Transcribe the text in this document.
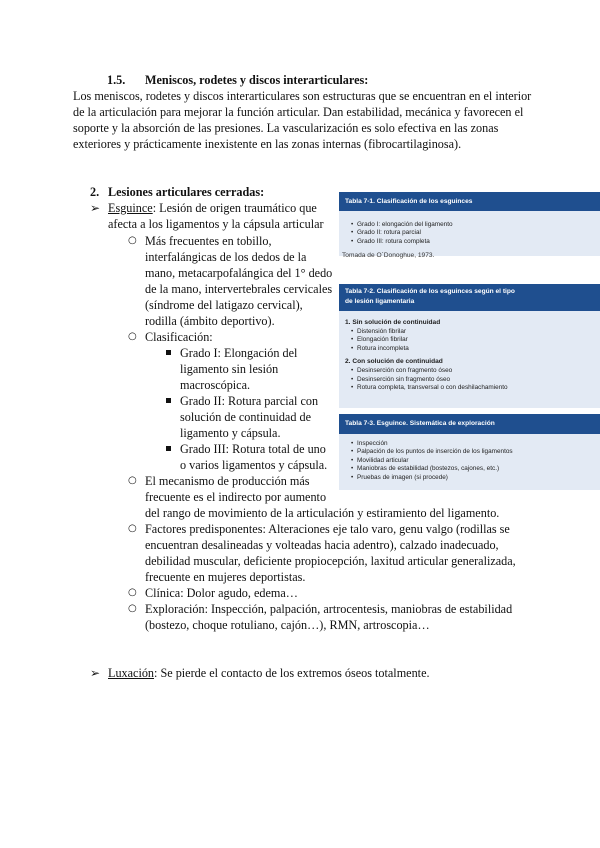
1.5. Meniscos, rodetes y discos interarticulares:
Los meniscos, rodetes y discos interarticulares son estructuras que se encuentran en el interior
de la articulación para mejorar la función articular. Dan estabilidad, mecánica y favorecen el
soporte y la absorción de las presiones. La vascularización es solo efectiva en las zonas
exteriores y prácticamente inexistente en las zonas internas (fibrocartilaginosa).
2. Lesiones articulares cerradas:
➢ Esguince: Lesión de origen traumático que
afecta a los ligamentos y la cápsula articular
○ Más frecuentes en tobillo,
interfalángicas de los dedos de la
mano, metacarpofalángica del 1° dedo
de la mano, intervertebrales cervicales
(síndrome del latigazo cervical),
rodilla (ámbito deportivo).
○ Clasificación:
Grado I: Elongación del
ligamento sin lesión
macroscópica.
Grado II: Rotura parcial con
solución de continuidad de
ligamento y cápsula.
Grado III: Rotura total de uno
o varios ligamentos y cápsula.
○ El mecanismo de producción más
frecuente es el indirecto por aumento
del rango de movimiento de la articulación y estiramiento del ligamento.
○ Factores predisponentes: Alteraciones eje talo varo, genu valgo (rodillas se
encuentran desalineadas y volteadas hacia adentro), calzado inadecuado,
debilidad muscular, deficiente propiocepción, laxitud articular generalizada,
frecuente en mujeres deportistas.
○ Clínica: Dolor agudo, edema…
○ Exploración: Inspección, palpación, artrocentesis, maniobras de estabilidad
(bostezo, choque rotuliano, cajón…), RMN, artroscopia…
➢ Luxación: Se pierde el contacto de los extremos óseos totalmente.
Tabla 7-1. Clasificación de los esguinces
• Grado I: elongación del ligamento
• Grado II: rotura parcial
• Grado III: rotura completa
Tomada de O´Donoghue, 1973.
Tabla 7-2. Clasificación de los esguinces según el tipo
de lesión ligamentaria
1. Sin solución de continuidad
• Distensión fibrilar
• Elongación fibrilar
• Rotura incompleta
2. Con solución de continuidad
• Desinserción con fragmento óseo
• Desinserción sin fragmento óseo
• Rotura completa, transversal o con deshilachamiento
Tabla 7-3. Esguince. Sistemática de exploración
• Inspección
• Palpación de los puntos de inserción de los ligamentos
• Movilidad articular
• Maniobras de estabilidad (bostezos, cajones, etc.)
• Pruebas de imagen (si procede)
